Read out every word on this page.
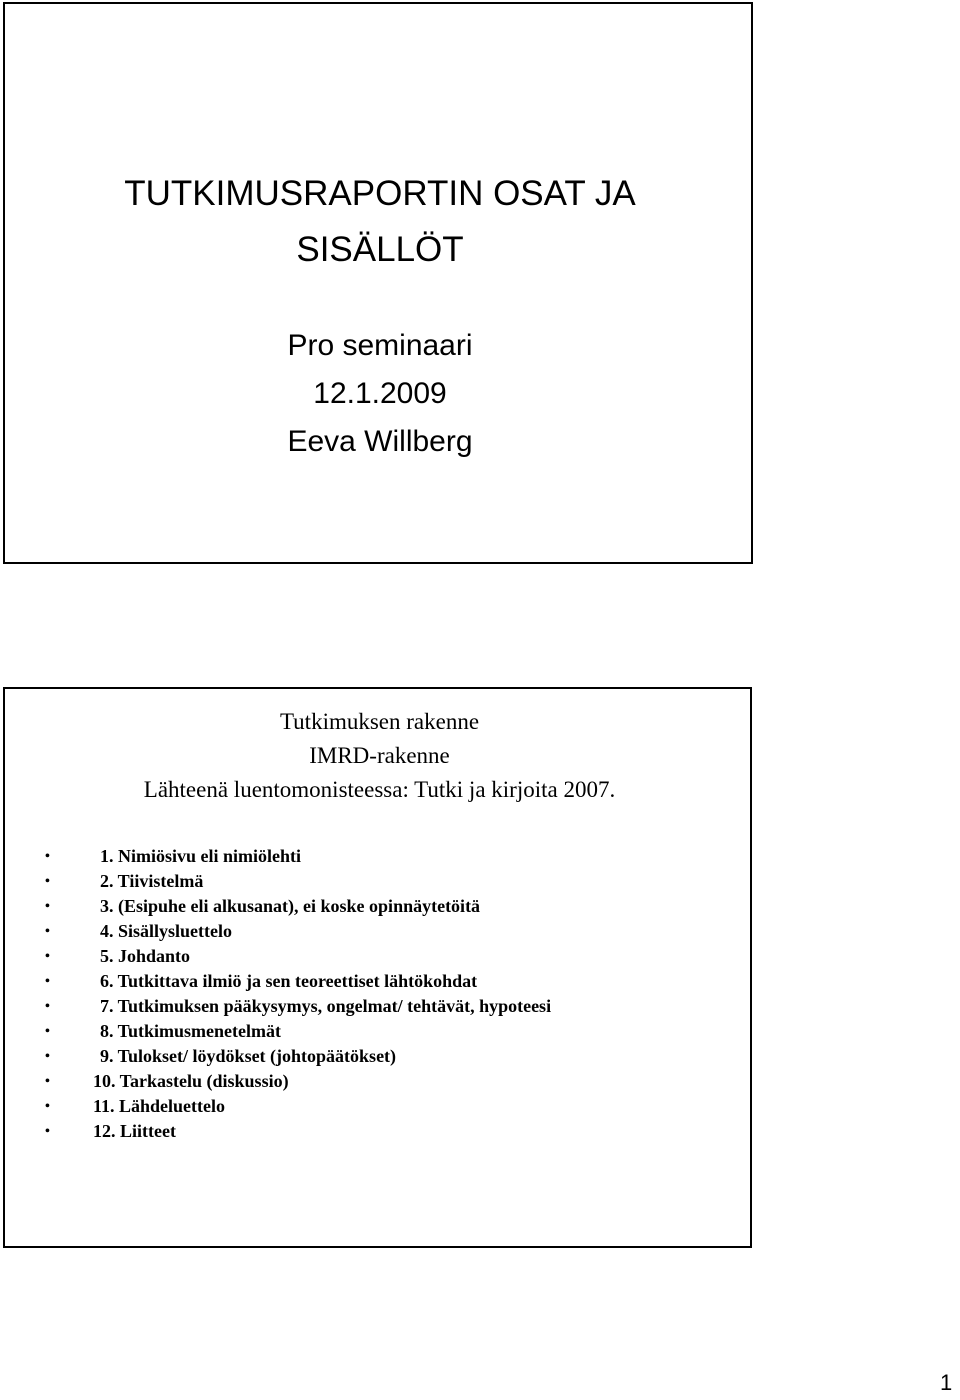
TUTKIMUSRAPORTIN OSAT JA
SISÄLLÖT

Pro seminaari

12.1.2009

Eeva Willberg

Tutkimuksen rakenne

IMRD-rakenne

Lähteenä luentomonisteessa: Tutki ja kirjoita 2007.

•	1. Nimiösivu eli nimiölehti
•	2. Tiivistelmä
•	3. (Esipuhe eli alkusanat), ei koske opinnäytetöitä
•	4. Sisällysluettelo
•	5. Johdanto
•	6. Tutkittava ilmiö ja sen teoreettiset lähtökohdat
•	7. Tutkimuksen pääkysymys, ongelmat/ tehtävät, hypoteesi
•	8. Tutkimusmenetelmät
•	9. Tulokset/ löydökset (johtopäätökset)
• 10. Tarkastelu (diskussio)
• 11. Lähdeluettelo
• 12. Liitteet
1
